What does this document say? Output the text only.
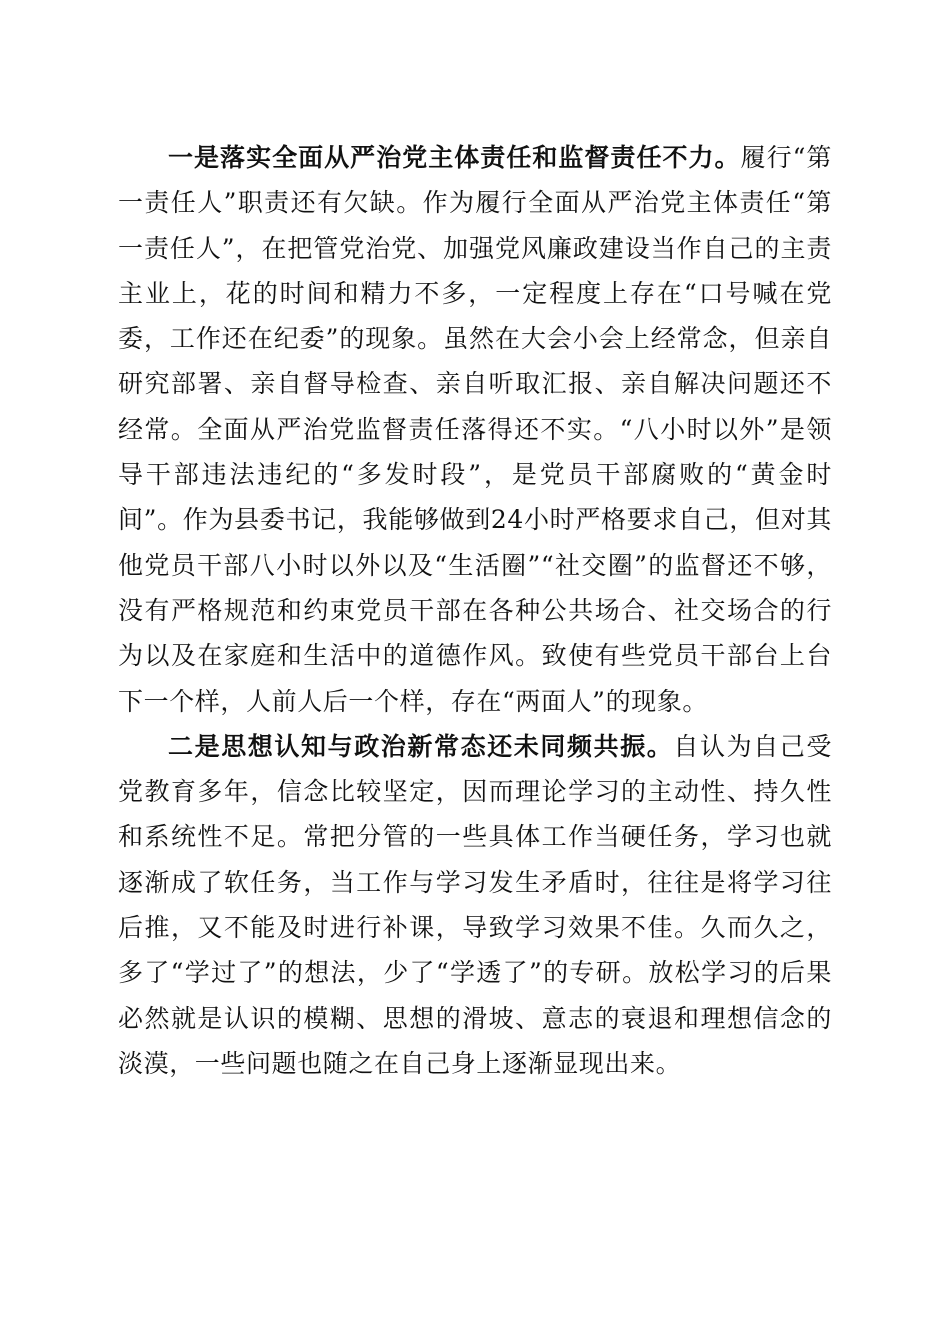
一是落实全面从严治党主体责任和监督责任不力。履行“第一责任人”职责还有欠缺。作为履行全面从严治党主体责任“第一责任人”，在把管党治党、加强党风廉政建设当作自己的主责主业上，花的时间和精力不多，一定程度上存在“口号喊在党委，工作还在纪委”的现象。虽然在大会小会上经常念，但亲自研究部署、亲自督导检查、亲自听取汇报、亲自解决问题还不经常。全面从严治党监督责任落得还不实。“八小时以外”是领导干部违法违纪的“多发时段”，是党员干部腐败的“黄金时间”。作为县委书记，我能够做到24小时严格要求自己，但对其他党员干部八小时以外以及“生活圈”“社交圈”的监督还不够，没有严格规范和约束党员干部在各种公共场合、社交场合的行为以及在家庭和生活中的道德作风。致使有些党员干部台上台下一个样，人前人后一个样，存在“两面人”的现象。

二是思想认知与政治新常态还未同频共振。自认为自己受党教育多年，信念比较坚定，因而理论学习的主动性、持久性和系统性不足。常把分管的一些具体工作当硬任务，学习也就逐渐成了软任务，当工作与学习发生矛盾时，往往是将学习往后推，又不能及时进行补课，导致学习效果不佳。久而久之，多了“学过了”的想法，少了“学透了”的专研。放松学习的后果必然就是认识的模糊、思想的滑坡、意志的衰退和理想信念的淡漠，一些问题也随之在自己身上逐渐显现出来。
